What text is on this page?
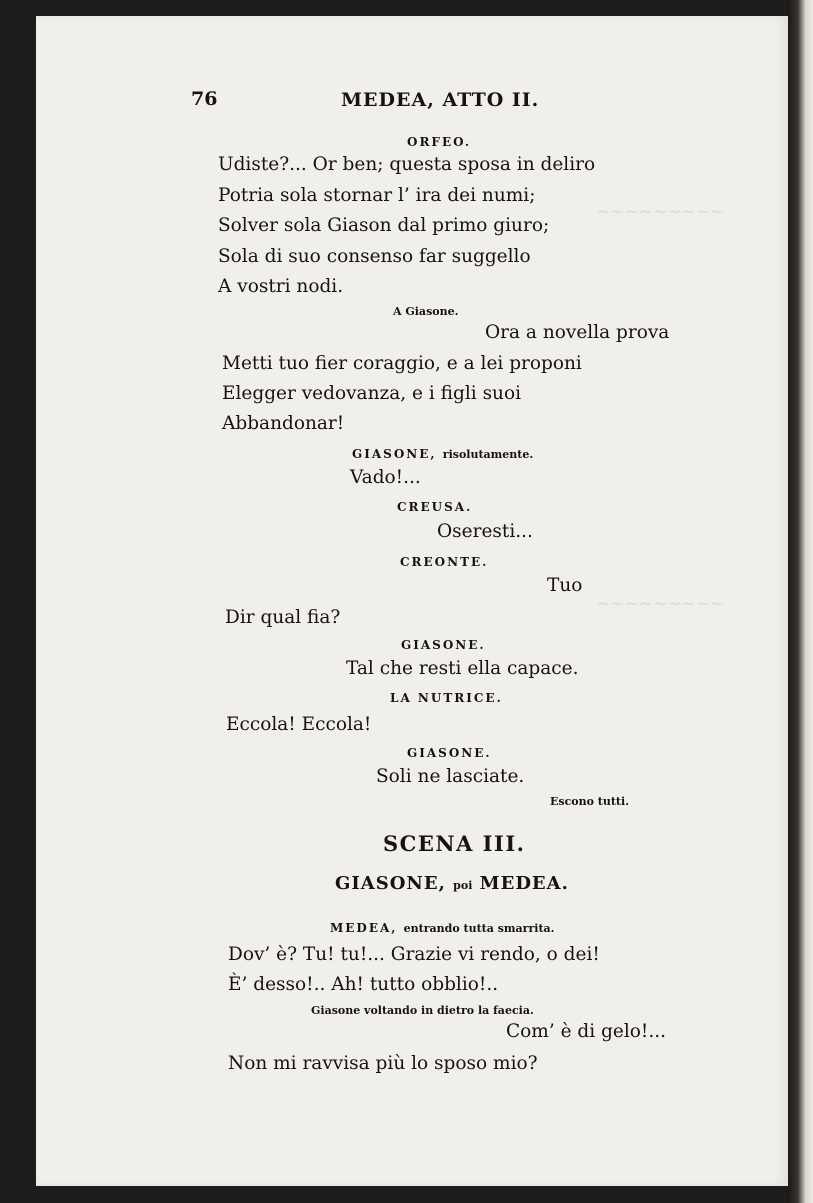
~~~~~~~~~
~~~~~~~~~
76	MEDEA, ATTO II.
ORFEO.
Udiste?... Or ben; questa sposa in deliro
Potria sola stornar l’ ira dei numi;
Solver sola Giason dal primo giuro;
Sola di suo consenso far suggello
A vostri nodi.
A Giasone.
Ora a novella prova
Metti tuo fier coraggio, e a lei proponi
Elegger vedovanza, e i figli suoi
Abbandonar!
GIASONE, risolutamente.
Vado!...
CREUSA.
Oseresti...
CREONTE.
Tuo
Dir qual fia?
GIASONE.
Tal che resti ella capace.
LA NUTRICE.
Eccola! Eccola!
GIASONE.
Soli ne lasciate.
Escono tutti.
SCENA III.
GIASONE, poi MEDEA.
MEDEA, entrando tutta smarrita.
Dov’ è? Tu! tu!... Grazie vi rendo, o dei!
È’ desso!.. Ah! tutto obblio!..
Giasone voltando in dietro la faecia.
Com’ è di gelo!...
Non mi ravvisa più lo sposo mio?
